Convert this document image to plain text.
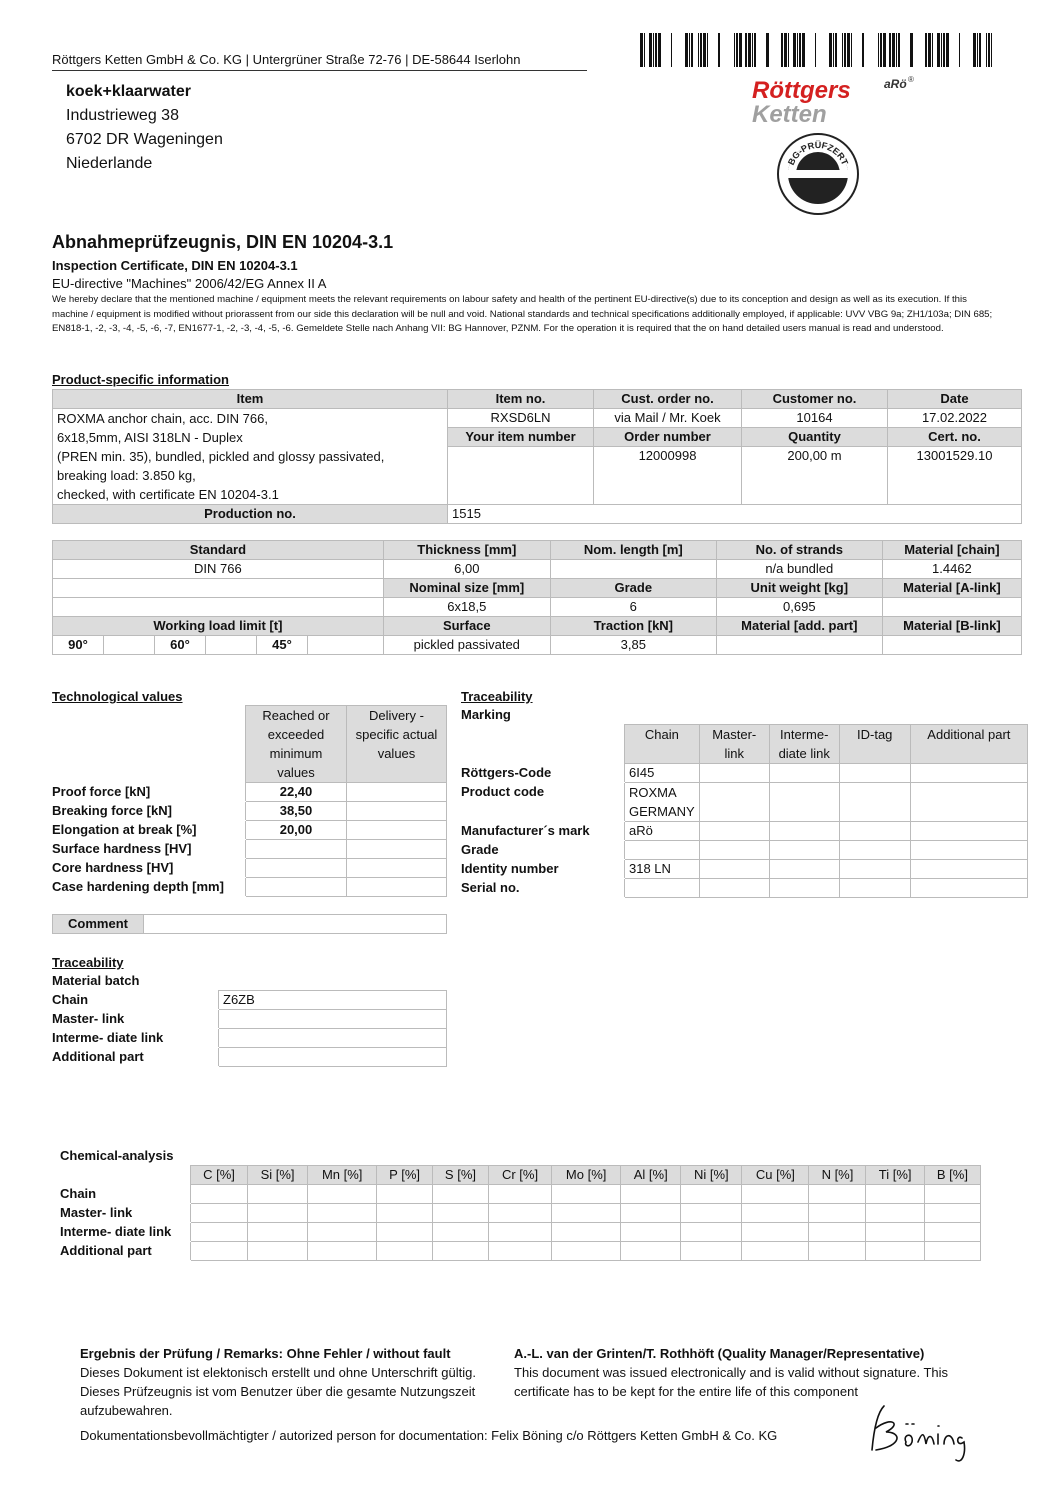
Röttgers Ketten GmbH & Co. KG | Untergrüner Straße 72-76 | DE-58644 Iserlohn
koek+klaarwater
Industrieweg 38
6702 DR Wageningen
Niederlande
Röttgers
Ketten
aRö ®
BG-PRÜFZERT
Abnahmeprüfzeugnis, DIN EN 10204-3.1
Inspection Certificate, DIN EN 10204-3.1
EU-directive "Machines" 2006/42/EG Annex II A
We hereby declare that the mentioned machine / equipment meets the relevant requirements on labour safety and health of the pertinent EU-directive(s) due to its conception and design as well as its execution. If this machine / equipment is modified without priorassent from our side this declaration will be null and void. National standards and technical specifications additionally employed, if applicable: UVV VBG 9a; ZH1/103a; DIN 685; EN818-1, -2, -3, -4, -5, -6, -7, EN1677-1, -2, -3, -4, -5, -6. Gemeldete Stelle nach Anhang VII: BG Hannover, PZNM. For the operation it is required that the on hand detailed users manual is read and understood.
Product-specific information
Item	Item no.	Cust. order no.	Customer no.	Date

ROXMA anchor chain, acc. DIN 766,
6x18,5mm, AISI 318LN - Duplex
(PREN min. 35), bundled, pickled and glossy passivated,
breaking load: 3.850 kg,
checked, with certificate EN 10204-3.1	RXSD6LN	via Mail / Mr. Koek	10164	17.02.2022
	Your item number	Order number	Quantity	Cert. no.
		12000998	200,00 m	13001529.10

Production no.	1515			
Standard						Thickness [mm]	Nom. length [m]	No. of strands	Material [chain]
DIN 766						6,00		n/a bundled	1.4462
						Nominal size [mm]	Grade	Unit weight [kg]	Material [A-link]
						6x18,5	6	0,695	
Working load limit [t]						Surface	Traction [kN]	Material [add. part]	Material [B-link]
90°		60°		45°		pickled passivated	3,85		
Technological values
	Reached or exceeded minimum values	Delivery - specific actual values
Proof force [kN]	22,40	
Breaking force [kN]	38,50	
Elongation at break [%]	20,00	
Surface hardness [HV]		
Core hardness [HV]		
Case hardening depth [mm]		
Traceability
Marking
	Chain	Master-link	Interme-diate link	ID-tag	Additional part
Röttgers-Code	6I45				
Product code	ROXMA GERMANY				
Manufacturer´s mark	aRö				
Grade					
Identity number	318 LN				
Serial no.					
Comment	
Traceability
Material batch
Chain	Z6ZB
Master- link	
Interme- diate link	
Additional part	
Chemical-analysis
	C [%]	Si [%]	Mn [%]	P [%]	S [%]	Cr [%]	Mo [%]	Al [%]	Ni [%]	Cu [%]	N [%]	Ti [%]	B [%]
Chain													
Master- link													
Interme- diate link													
Additional part													
Ergebnis der Prüfung / Remarks: Ohne Fehler / without fault
Dieses Dokument ist elektonisch erstellt und ohne Unterschrift gültig. Dieses Prüfzeugnis ist vom Benutzer über die gesamte Nutzungszeit aufzubewahren.
A.-L. van der Grinten/T. Rothhöft (Quality Manager/Representative)
This document was issued electronically and is valid without signature. This certificate has to be kept for the entire life of this component
Dokumentationsbevollmächtigter / autorized person for documentation: Felix Böning c/o Röttgers Ketten GmbH & Co. KG
